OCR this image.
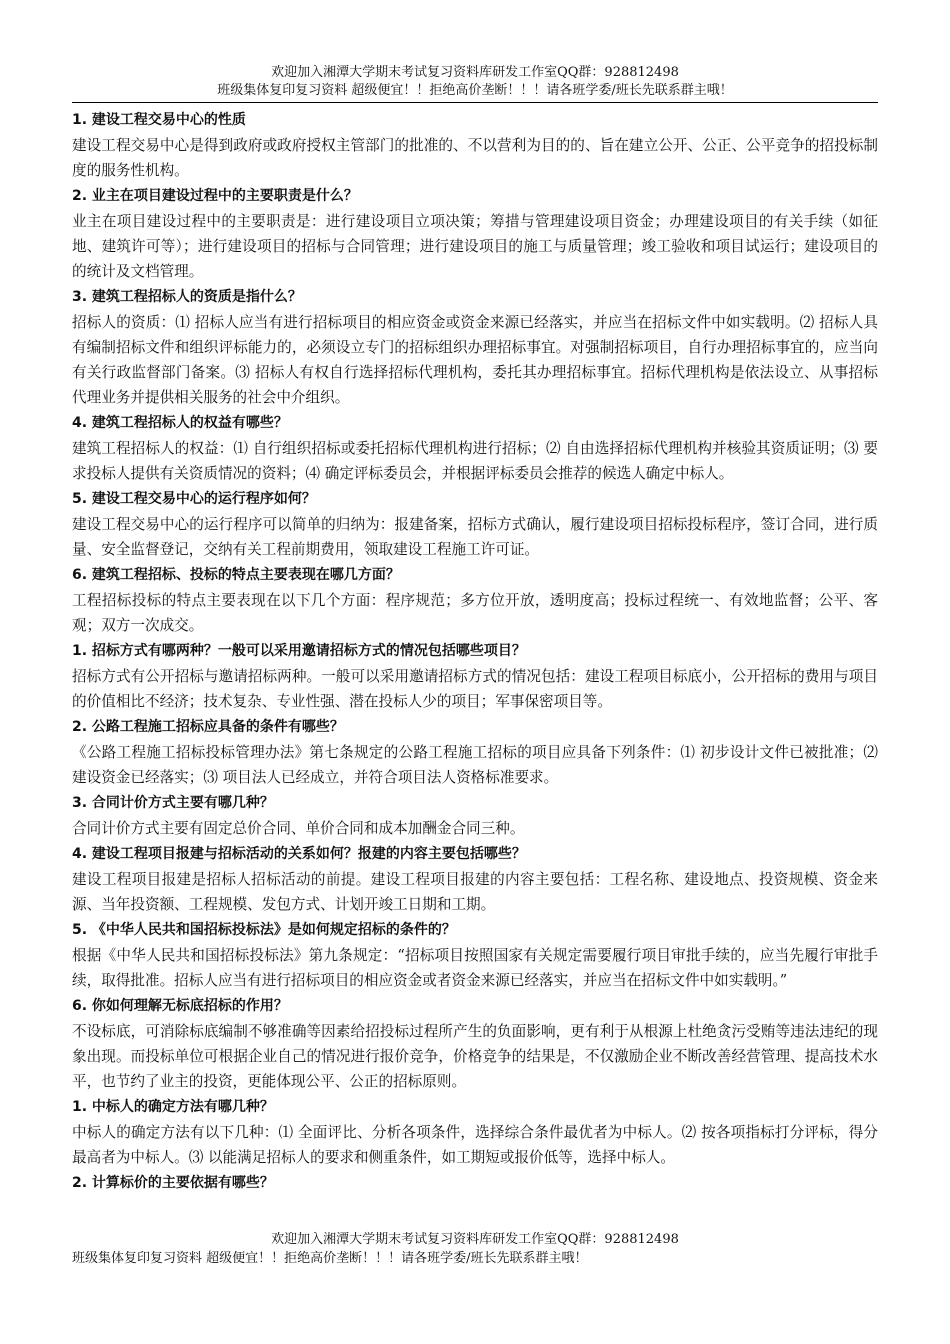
欢迎加入湘潭大学期末考试复习资料库研发工作室QQ群：928812498
班级集体复印复习资料 超级便宜！！拒绝高价垄断！！！请各班学委/班长先联系群主哦！
1. 建设工程交易中心的性质
建设工程交易中心是得到政府或政府授权主管部门的批准的、不以营利为目的的、旨在建立公开、公正、公平竞争的招投标制度的服务性机构。
2. 业主在项目建设过程中的主要职责是什么？
业主在项目建设过程中的主要职责是：进行建设项目立项决策；筹措与管理建设项目资金；办理建设项目的有关手续（如征地、建筑许可等）；进行建设项目的招标与合同管理；进行建设项目的施工与质量管理；竣工验收和项目试运行；建设项目的的统计及文档管理。
3. 建筑工程招标人的资质是指什么？
招标人的资质：⑴ 招标人应当有进行招标项目的相应资金或资金来源已经落实，并应当在招标文件中如实载明。⑵ 招标人具有编制招标文件和组织评标能力的，必须设立专门的招标组织办理招标事宜。对强制招标项目，自行办理招标事宜的，应当向有关行政监督部门备案。⑶ 招标人有权自行选择招标代理机构，委托其办理招标事宜。招标代理机构是依法设立、从事招标代理业务并提供相关服务的社会中介组织。
4. 建筑工程招标人的权益有哪些？
建筑工程招标人的权益：⑴ 自行组织招标或委托招标代理机构进行招标；⑵ 自由选择招标代理机构并核验其资质证明；⑶ 要求投标人提供有关资质情况的资料；⑷ 确定评标委员会，并根据评标委员会推荐的候选人确定中标人。
5. 建设工程交易中心的运行程序如何？
建设工程交易中心的运行程序可以简单的归纳为：报建备案，招标方式确认，履行建设项目招标投标程序，签订合同，进行质量、安全监督登记，交纳有关工程前期费用，领取建设工程施工许可证。
6. 建筑工程招标、投标的特点主要表现在哪几方面？
工程招标投标的特点主要表现在以下几个方面：程序规范；多方位开放，透明度高；投标过程统一、有效地监督；公平、客观；双方一次成交。
1. 招标方式有哪两种？一般可以采用邀请招标方式的情况包括哪些项目？
招标方式有公开招标与邀请招标两种。一般可以采用邀请招标方式的情况包括：建设工程项目标底小，公开招标的费用与项目的价值相比不经济；技术复杂、专业性强、潜在投标人少的项目；军事保密项目等。
2. 公路工程施工招标应具备的条件有哪些？
《公路工程施工招标投标管理办法》第七条规定的公路工程施工招标的项目应具备下列条件：⑴ 初步设计文件已被批准；⑵ 建设资金已经落实；⑶ 项目法人已经成立，并符合项目法人资格标准要求。
3. 合同计价方式主要有哪几种？
合同计价方式主要有固定总价合同、单价合同和成本加酬金合同三种。
4. 建设工程项目报建与招标活动的关系如何？报建的内容主要包括哪些？
建设工程项目报建是招标人招标活动的前提。建设工程项目报建的内容主要包括：工程名称、建设地点、投资规模、资金来源、当年投资额、工程规模、发包方式、计划开竣工日期和工期。
5. 《中华人民共和国招标投标法》是如何规定招标的条件的？
根据《中华人民共和国招标投标法》第九条规定：“招标项目按照国家有关规定需要履行项目审批手续的，应当先履行审批手续，取得批准。招标人应当有进行招标项目的相应资金或者资金来源已经落实，并应当在招标文件中如实载明。”
6. 你如何理解无标底招标的作用？
不设标底，可消除标底编制不够准确等因素给招投标过程所产生的负面影响，更有利于从根源上杜绝贪污受贿等违法违纪的现象出现。而投标单位可根据企业自己的情况进行报价竞争，价格竞争的结果是，不仅激励企业不断改善经营管理、提高技术水平，也节约了业主的投资，更能体现公平、公正的招标原则。
1. 中标人的确定方法有哪几种？
中标人的确定方法有以下几种：⑴ 全面评比、分析各项条件，选择综合条件最优者为中标人。⑵ 按各项指标打分评标，得分最高者为中标人。⑶ 以能满足招标人的要求和侧重条件，如工期短或报价低等，选择中标人。
2. 计算标价的主要依据有哪些？
欢迎加入湘潭大学期末考试复习资料库研发工作室QQ群：928812498
班级集体复印复习资料 超级便宜！！拒绝高价垄断！！！请各班学委/班长先联系群主哦！
